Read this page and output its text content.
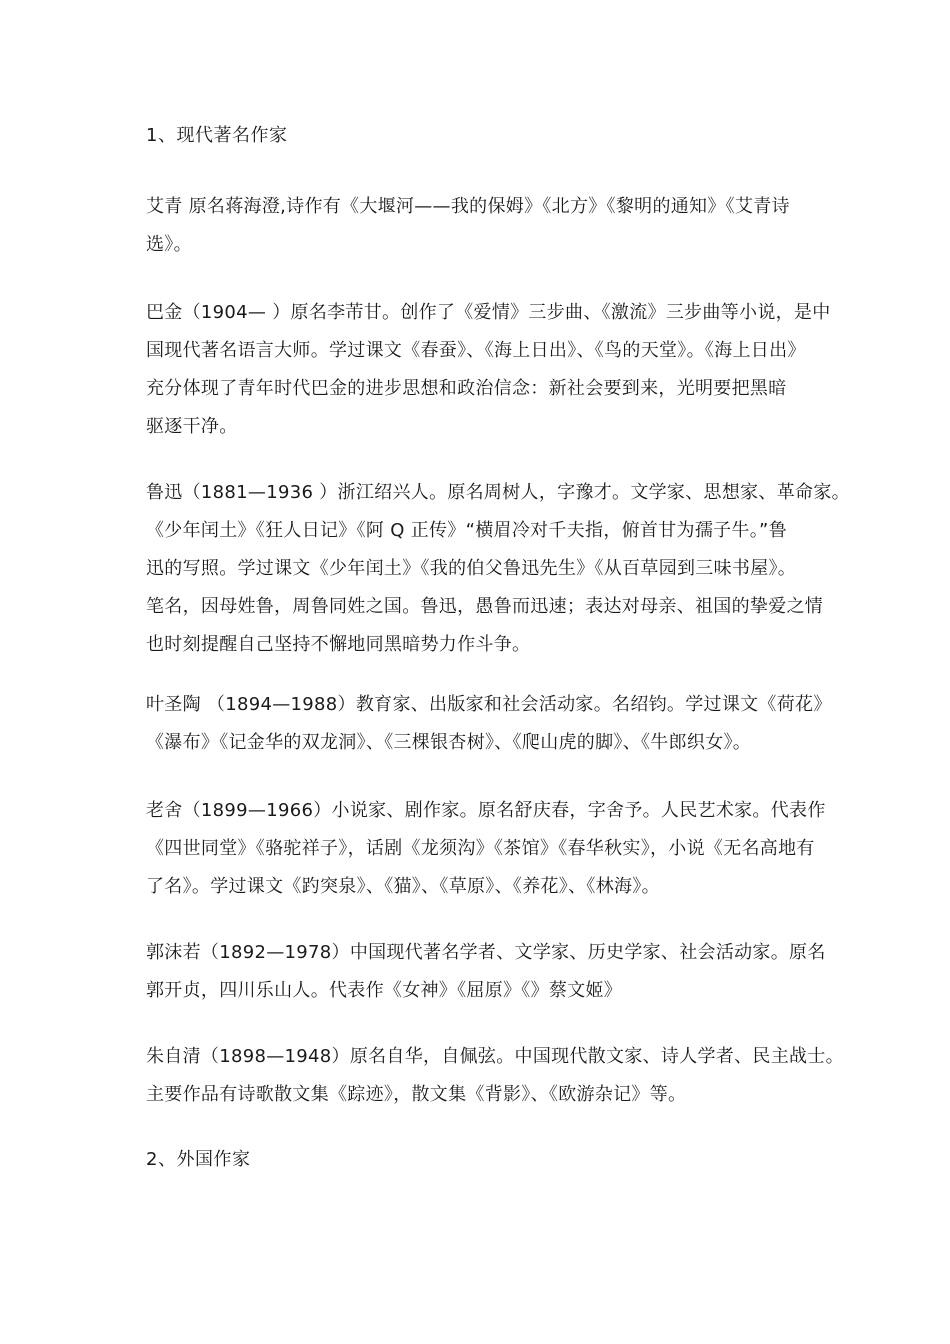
1、现代著名作家
艾青 原名蒋海澄,诗作有《大堰河——我的保姆》《北方》《黎明的通知》《艾青诗
选》。
巴金（1904— ）原名李芾甘。创作了《爱情》三步曲、《激流》三步曲等小说，是中
国现代著名语言大师。学过课文《春蚕》、《海上日出》、《鸟的天堂》。《海上日出》
充分体现了青年时代巴金的进步思想和政治信念：新社会要到来，光明要把黑暗
驱逐干净。
鲁迅（1881—1936 ）浙江绍兴人。原名周树人，字豫才。文学家、思想家、革命家。
《少年闰土》《狂人日记》《阿 Q 正传》“横眉冷对千夫指，俯首甘为孺子牛。”鲁
迅的写照。学过课文《少年闰土》《我的伯父鲁迅先生》《从百草园到三味书屋》。
笔名，因母姓鲁，周鲁同姓之国。鲁迅，愚鲁而迅速；表达对母亲、祖国的挚爱之情
也时刻提醒自己坚持不懈地同黑暗势力作斗争。
叶圣陶 （1894—1988）教育家、出版家和社会活动家。名绍钧。学过课文《荷花》
《瀑布》《记金华的双龙洞》、《三棵银杏树》、《爬山虎的脚》、《牛郎织女》。
老舍（1899—1966）小说家、剧作家。原名舒庆春，字舍予。人民艺术家。代表作
《四世同堂》《骆驼祥子》，话剧《龙须沟》《茶馆》《春华秋实》，小说《无名高地有
了名》。学过课文《趵突泉》、《猫》、《草原》、《养花》、《林海》。
郭沫若（1892—1978）中国现代著名学者、文学家、历史学家、社会活动家。原名
郭开贞，四川乐山人。代表作《女神》《屈原》《》蔡文姬》
朱自清（1898—1948）原名自华，自佩弦。中国现代散文家、诗人学者、民主战士。
主要作品有诗歌散文集《踪迹》，散文集《背影》、《欧游杂记》等。
2、外国作家
